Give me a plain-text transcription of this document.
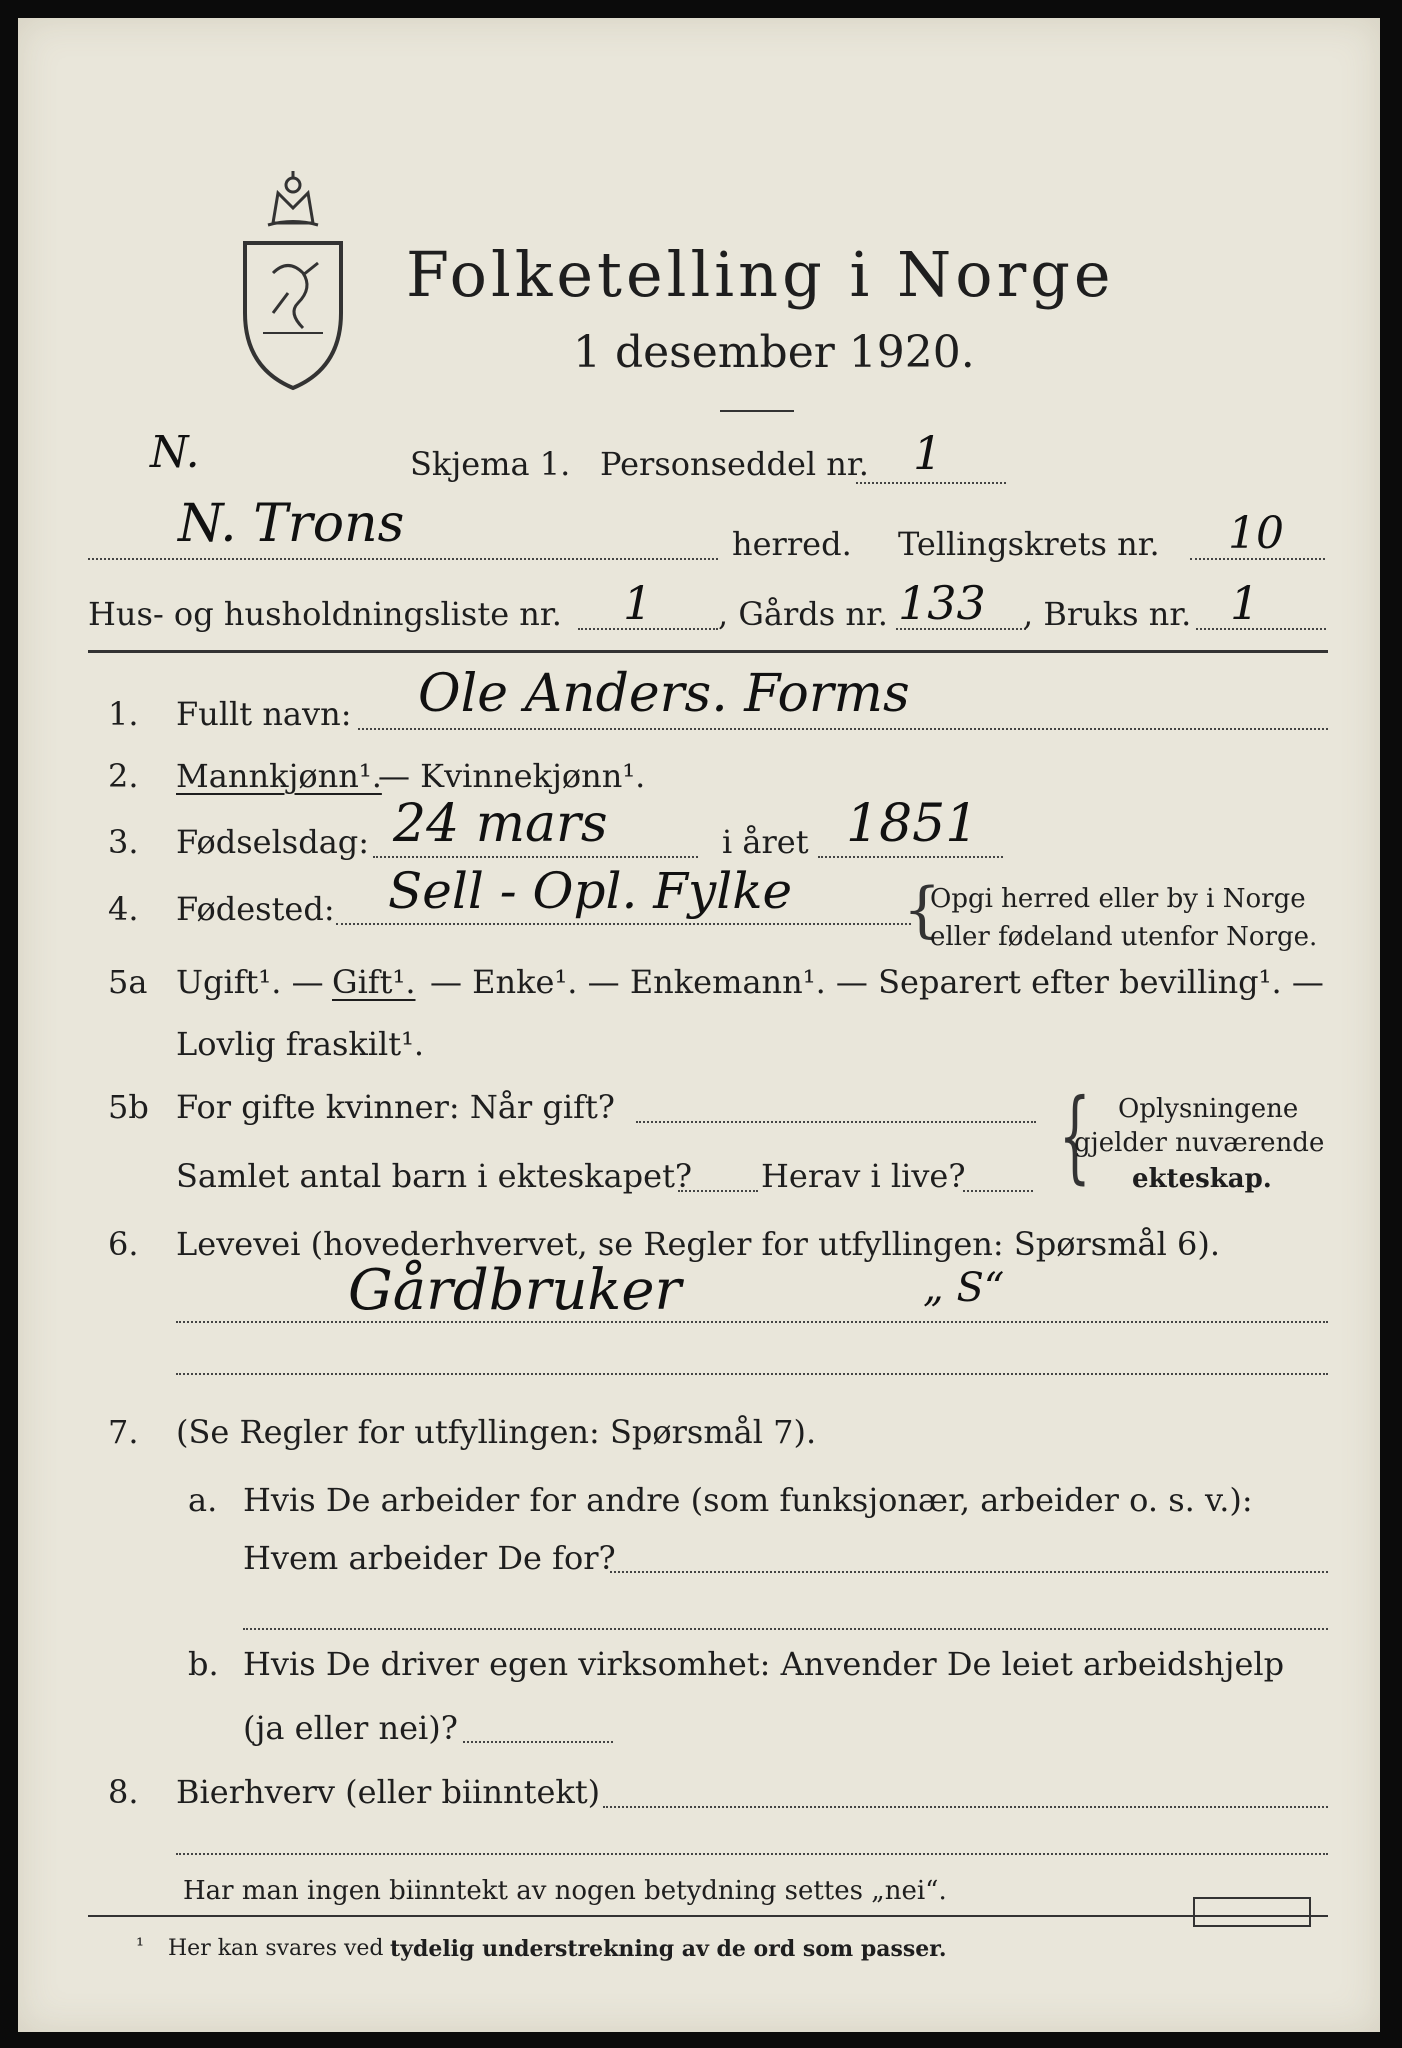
Folketelling i Norge
1 desember 1920.
N.	Skjema 1. Personseddel nr. 1
N. Trons	herred. Tellingskrets nr. 10
Hus- og husholdningsliste nr. 1 , Gårds nr. 133 , Bruks nr. 1
1. Fullt navn: Ole Anders. Forms
2. Mannkjønn¹.
— Kvinnekjønn¹.
3. Fødselsdag: 24 mars	i året 1851
4. Fødested: Sell - Opl. Fylke {
Opgi herred eller by i Norge
eller fødeland utenfor Norge.
5a Ugift¹. — Gift¹. — Enke¹. — Enkemann¹. — Separert efter bevilling¹. —
Lovlig fraskilt¹.
5b For gifte kvinner: Når gift?
Samlet antal barn i ekteskapet? Herav i live? { Oplysningene
gjelder nuværende
ekteskap.
6. Levevei (hovederhvervet, se Regler for utfyllingen: Spørsmål 6).
Gårdbruker	„ S“
7. (Se Regler for utfyllingen: Spørsmål 7).
a. Hvis De arbeider for andre (som funksjonær, arbeider o. s. v.):
Hvem arbeider De for?
b. Hvis De driver egen virksomhet: Anvender De leiet arbeidshjelp
(ja eller nei)?
8. Bierhverv (eller biinntekt)
Har man ingen biinntekt av nogen betydning settes „nei“.
¹ Her kan svares ved tydelig understrekning av de ord som passer.
